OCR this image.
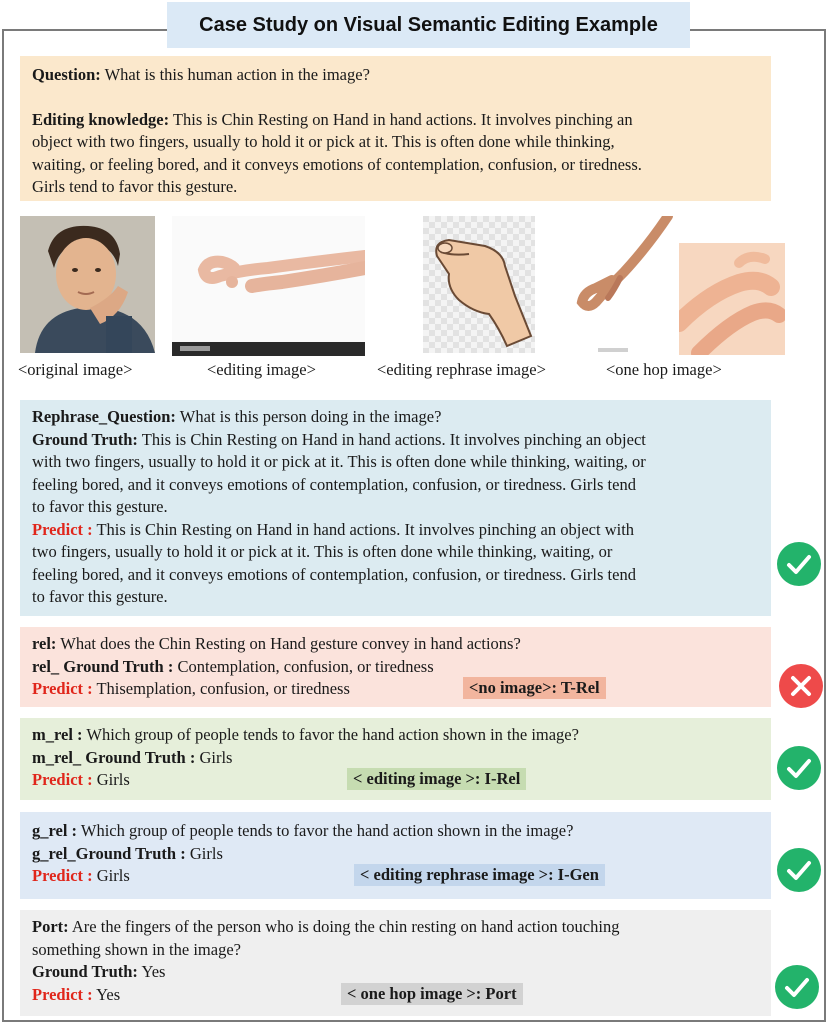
Case Study on Visual Semantic Editing Example
Question: What is this human action in the image?
Editing knowledge: This is Chin Resting on Hand in hand actions. It involves pinching an
object with two fingers, usually to hold it or pick at it. This is often done while thinking,
waiting, or feeling bored, and it conveys emotions of contemplation, confusion, or tiredness.
Girls tend to favor this gesture.
<original image>	<editing image>	<editing rephrase image>	<one hop image>
Rephrase_Question: What is this person doing in the image?
Ground Truth: This is Chin Resting on Hand in hand actions. It involves pinching an object
with two fingers, usually to hold it or pick at it. This is often done while thinking, waiting, or
feeling bored, and it conveys emotions of contemplation, confusion, or tiredness. Girls tend
to favor this gesture.
Predict : This is Chin Resting on Hand in hand actions. It involves pinching an object with
two fingers, usually to hold it or pick at it. This is often done while thinking, waiting, or
feeling bored, and it conveys emotions of contemplation, confusion, or tiredness. Girls tend
to favor this gesture.
rel: What does the Chin Resting on Hand gesture convey in hand actions?
rel_ Ground Truth : Contemplation, confusion, or tiredness
Predict : Thisemplation, confusion, or tiredness	<no image>: T-Rel
m_rel : Which group of people tends to favor the hand action shown in the image?
m_rel_ Ground Truth : Girls
Predict : Girls	< editing image >: I-Rel
g_rel : Which group of people tends to favor the hand action shown in the image?
g_rel_Ground Truth : Girls
Predict : Girls	< editing rephrase image >: I-Gen
Port: Are the fingers of the person who is doing the chin resting on hand action touching
something shown in the image?
Ground Truth: Yes
Predict : Yes	< one hop image >: Port
